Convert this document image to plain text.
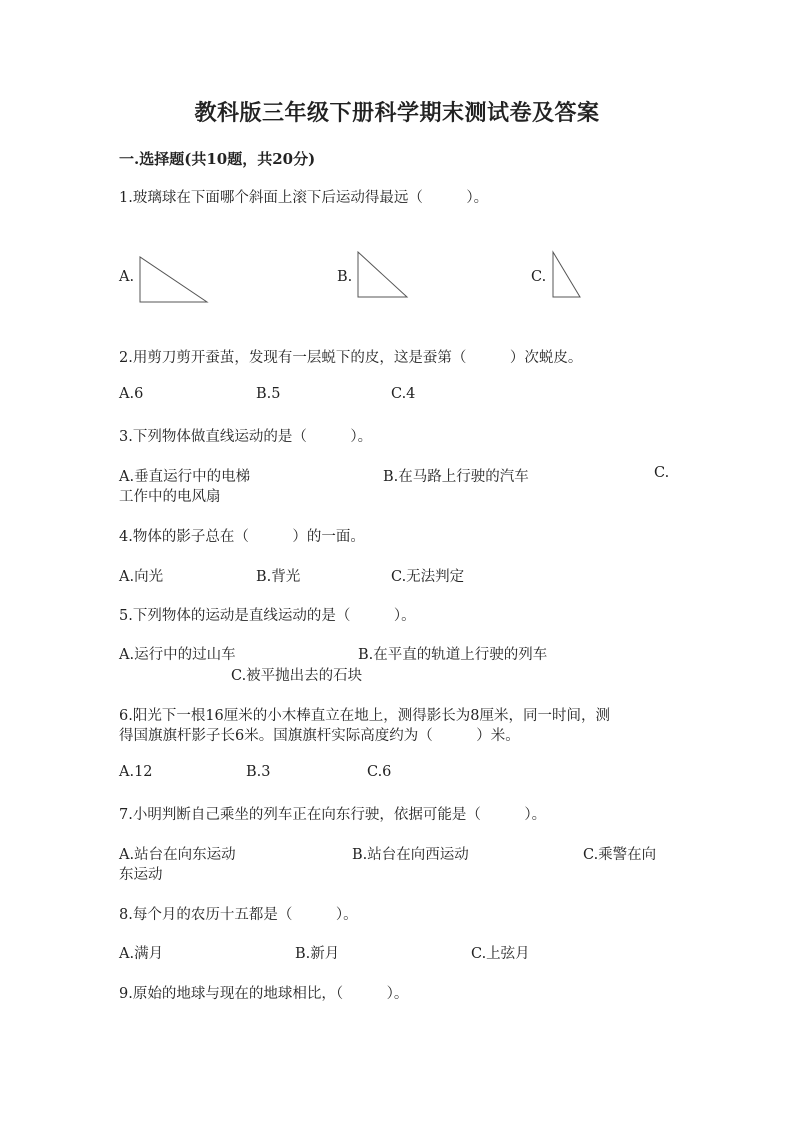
教科版三年级下册科学期末测试卷及答案
一.选择题(共10题，共20分)
1.玻璃球在下面哪个斜面上滚下后运动得最远（　　　）。
A.	B.	C.
2.用剪刀剪开蚕茧，发现有一层蜕下的皮，这是蚕第（　　　）次蜕皮。
A.6	B.5	C.4
3.下列物体做直线运动的是（　　　）。
A.垂直运行中的电梯	B.在马路上行驶的汽车	C.
工作中的电风扇
4.物体的影子总在（　　　）的一面。
A.向光	B.背光	C.无法判定
5.下列物体的运动是直线运动的是（　　　）。
A.运行中的过山车	B.在平直的轨道上行驶的列车
C.被平抛出去的石块
6.阳光下一根16厘米的小木棒直立在地上，测得影长为8厘米，同一时间，测
得国旗旗杆影子长6米。国旗旗杆实际高度约为（　　　）米。
A.12	B.3	C.6
7.小明判断自己乘坐的列车正在向东行驶，依据可能是（　　　）。
A.站台在向东运动	B.站台在向西运动	C.乘警在向
东运动
8.每个月的农历十五都是（　　　）。
A.满月	B.新月	C.上弦月
9.原始的地球与现在的地球相比，（　　　）。
